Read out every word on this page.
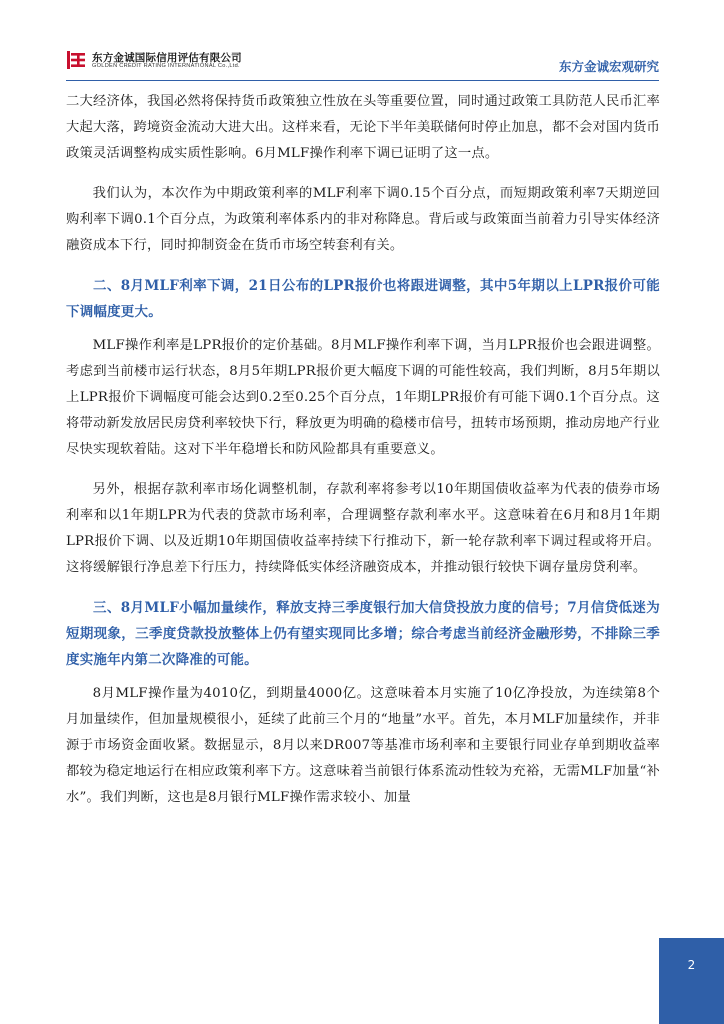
东方金诚国际信用评估有限公司
GOLDEN CREDIT RATING INTERNATIONAL Co.,Ltd.	东方金诚宏观研究

二大经济体，我国必然将保持货币政策独立性放在头等重要位置，同时通过政策工具防范人民币汇率大起大落，跨境资金流动大进大出。这样来看，无论下半年美联储何时停止加息，都不会对国内货币政策灵活调整构成实质性影响。6月MLF操作利率下调已证明了这一点。

我们认为，本次作为中期政策利率的MLF利率下调0.15个百分点，而短期政策利率7天期逆回购利率下调0.1个百分点，为政策利率体系内的非对称降息。背后或与政策面当前着力引导实体经济融资成本下行，同时抑制资金在货币市场空转套利有关。

二、8月MLF利率下调，21日公布的LPR报价也将跟进调整，其中5年期以上LPR报价可能下调幅度更大。

MLF操作利率是LPR报价的定价基础。8月MLF操作利率下调，当月LPR报价也会跟进调整。考虑到当前楼市运行状态，8月5年期LPR报价更大幅度下调的可能性较高，我们判断，8月5年期以上LPR报价下调幅度可能会达到0.2至0.25个百分点，1年期LPR报价有可能下调0.1个百分点。这将带动新发放居民房贷利率较快下行，释放更为明确的稳楼市信号，扭转市场预期，推动房地产行业尽快实现软着陆。这对下半年稳增长和防风险都具有重要意义。

另外，根据存款利率市场化调整机制，存款利率将参考以10年期国债收益率为代表的债券市场利率和以1年期LPR为代表的贷款市场利率，合理调整存款利率水平。这意味着在6月和8月1年期LPR报价下调、以及近期10年期国债收益率持续下行推动下，新一轮存款利率下调过程或将开启。这将缓解银行净息差下行压力，持续降低实体经济融资成本，并推动银行较快下调存量房贷利率。

三、8月MLF小幅加量续作，释放支持三季度银行加大信贷投放力度的信号；7月信贷低迷为短期现象，三季度贷款投放整体上仍有望实现同比多增；综合考虑当前经济金融形势，不排除三季度实施年内第二次降准的可能。

8月MLF操作量为4010亿，到期量4000亿。这意味着本月实施了10亿净投放，为连续第8个月加量续作，但加量规模很小，延续了此前三个月的“地量”水平。首先，本月MLF加量续作，并非源于市场资金面收紧。数据显示，8月以来DR007等基准市场利率和主要银行同业存单到期收益率都较为稳定地运行在相应政策利率下方。这意味着当前银行体系流动性较为充裕，无需MLF加量“补水”。我们判断，这也是8月银行MLF操作需求较小、加量

2
